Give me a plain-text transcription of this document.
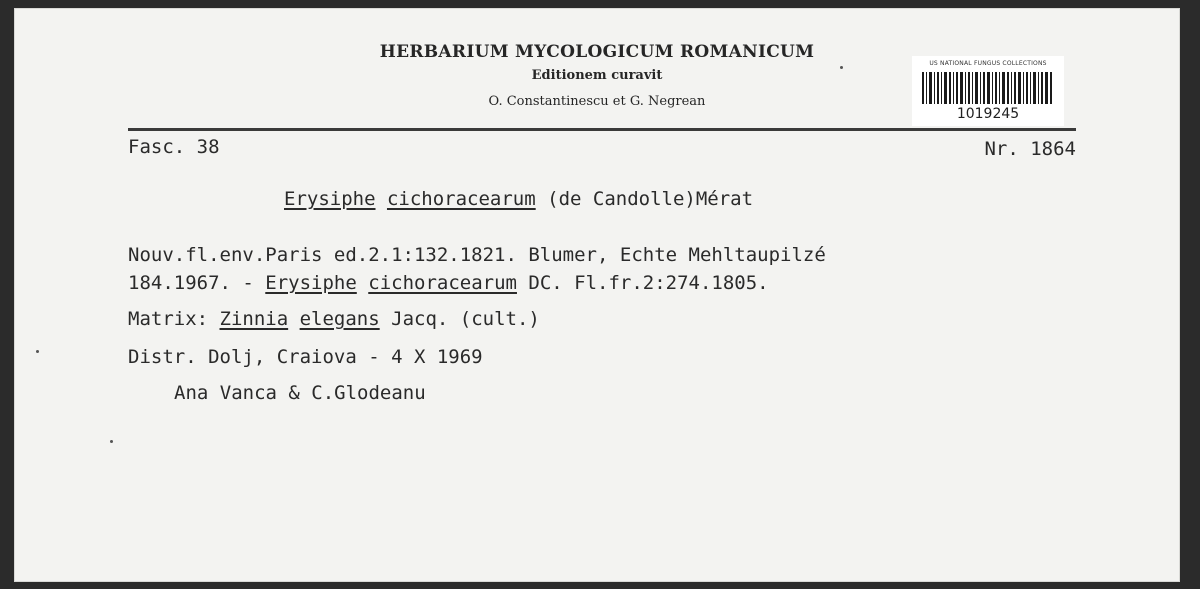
HERBARIUM MYCOLOGICUM ROMANICUM
Editionem curavit
O. Constantinescu et G. Negrean
US NATIONAL FUNGUS COLLECTIONS
1019245
Fasc. 38	Nr. 1864
Erysiphe cichoracearum (de Candolle)Mérat
Nouv.fl.env.Paris ed.2.1:132.1821. Blumer, Echte Mehltaupilzé
184.1967. - Erysiphe cichoracearum DC. Fl.fr.2:274.1805.
Matrix: Zinnia elegans Jacq. (cult.)
Distr. Dolj, Craiova - 4 X 1969
Ana Vanca & C.Glodeanu
